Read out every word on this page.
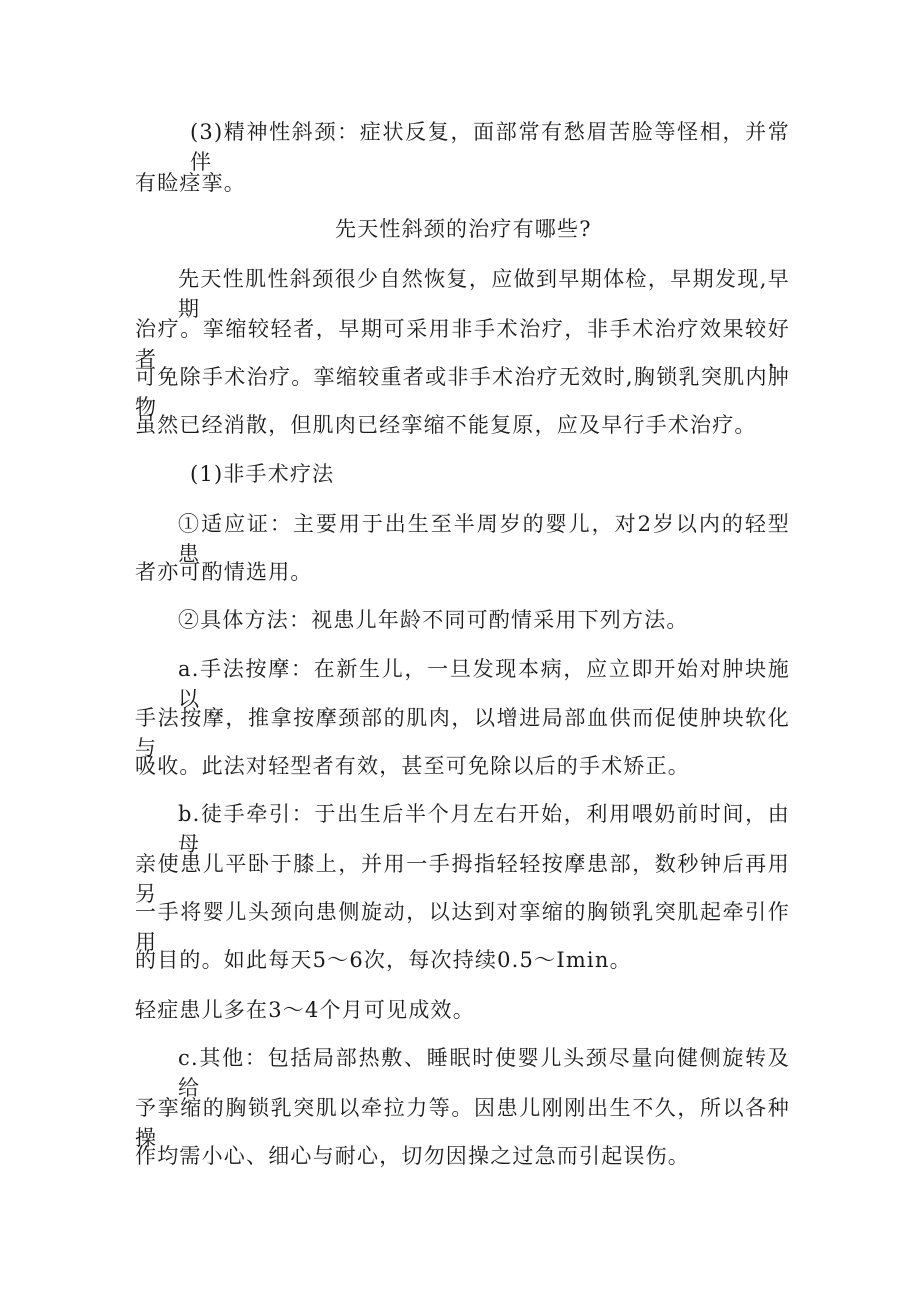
(3)精神性斜颈：症状反复，面部常有愁眉苦脸等怪相，并常伴
有睑痉挛。
先天性斜颈的治疗有哪些?
先天性肌性斜颈很少自然恢复，应做到早期体检，早期发现,早期
治疗。挛缩较轻者，早期可采用非手术治疗，非手术治疗效果较好者，
可免除手术治疗。挛缩较重者或非手术治疗无效时,胸锁乳突肌内肿物
虽然已经消散，但肌肉已经挛缩不能复原，应及早行手术治疗。
(1)非手术疗法
①适应证：主要用于出生至半周岁的婴儿，对2岁以内的轻型患
者亦可酌情选用。
②具体方法：视患儿年龄不同可酌情采用下列方法。
a.手法按摩：在新生儿，一旦发现本病，应立即开始对肿块施以
手法按摩，推拿按摩颈部的肌肉，以增进局部血供而促使肿块软化与
吸收。此法对轻型者有效，甚至可免除以后的手术矫正。
b.徒手牵引：于出生后半个月左右开始，利用喂奶前时间，由母
亲使患儿平卧于膝上，并用一手拇指轻轻按摩患部，数秒钟后再用另
一手将婴儿头颈向患侧旋动，以达到对挛缩的胸锁乳突肌起牵引作用
的目的。如此每天5～6次，每次持续0.5～Imin。
轻症患儿多在3～4个月可见成效。
c.其他：包括局部热敷、睡眠时使婴儿头颈尽量向健侧旋转及给
予挛缩的胸锁乳突肌以牵拉力等。因患儿刚刚出生不久，所以各种操
作均需小心、细心与耐心，切勿因操之过急而引起误伤。
